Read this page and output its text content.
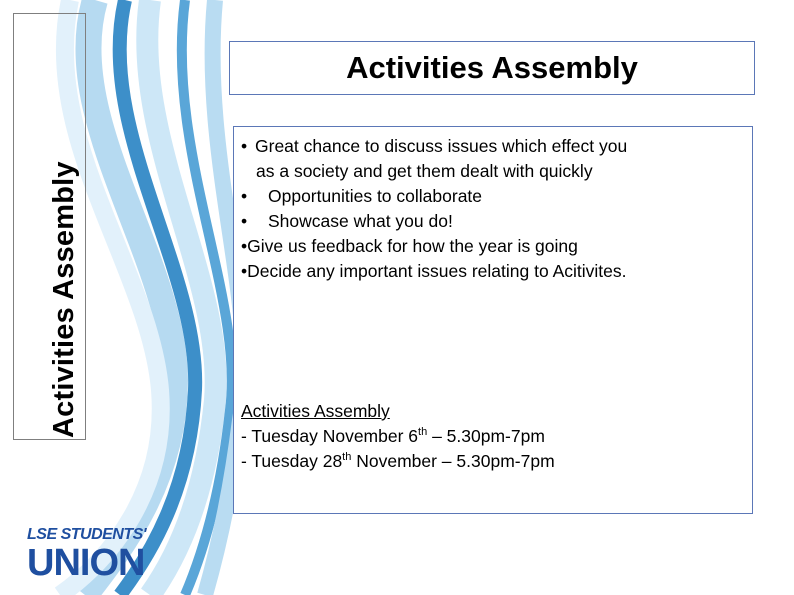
Activities Assembly
Activities Assembly
• Great chance to discuss issues which effect you
as a society and get them dealt with quickly
• Opportunities to collaborate
• Showcase what you do!
•Give us feedback for how the year is going
•Decide any important issues relating to Acitivites.
Activities Assembly
- Tuesday November 6th – 5.30pm-7pm
- Tuesday 28th November – 5.30pm-7pm
LSE STUDENTS'
UNION
